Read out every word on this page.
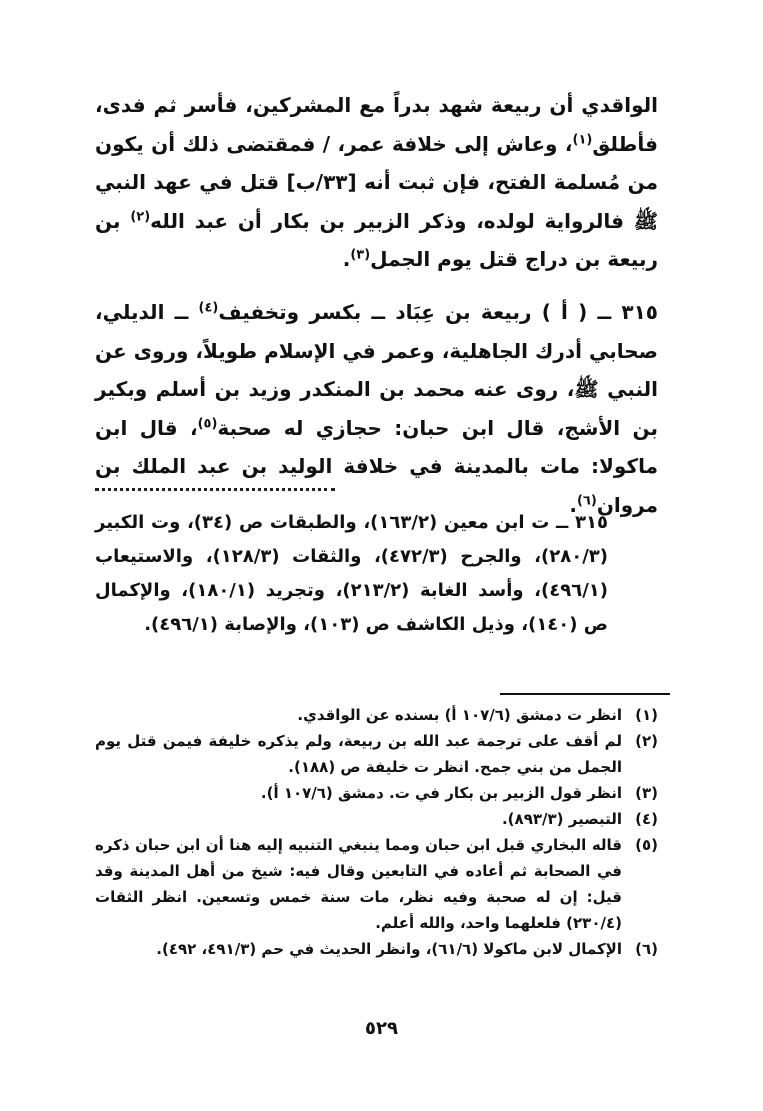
الواقدي أن ربيعة شهد بدراً مع المشركين، فأسر ثم فدى، فأطلق$^{(١)}$، وعاش إلى خلافة عمر، / فمقتضى ذلك أن يكون من مُسلمة الفتح، فإن ثبت أنه [٣٣/ب] قتل في عهد النبي ﷺ فالرواية لولده، وذكر الزبير بن بكار أن عبد الله$^{(٢)}$ بن ربيعة بن دراج قتل يوم الجمل$^{(٣)}$.

٣١٥ ــ ( أ ) ربيعة بن عِبَاد ــ بكسر وتخفيف$^{(٤)}$ ــ الديلي، صحابي أدرك الجاهلية، وعمر في الإسلام طويلاً، وروى عن النبي ﷺ، روى عنه محمد بن المنكدر وزيد بن أسلم وبكير بن الأشج، قال ابن حبان: حجازي له صحبة$^{(٥)}$، قال ابن ماكولا: مات بالمدينة في خلافة الوليد بن عبد الملك بن مروان$^{(٦)}$.

٣١٥ ــ ت ابن معين (١٦٣/٢)، والطبقات ص (٣٤)، وت الكبير (٢٨٠/٣)، والجرح (٤٧٢/٣)، والثقات (١٢٨/٣)، والاستيعاب (٤٩٦/١)، وأسد الغابة (٢١٣/٢)، وتجريد (١٨٠/١)، والإكمال ص (١٤٠)، وذيل الكاشف ص (١٠٣)، والإصابة (٤٩٦/١).

(١)
انظر ت دمشق (١٠٧/٦ أ) بسنده عن الواقدي.
(٢)
لم أقف على ترجمة عبد الله بن ربيعة، ولم يذكره خليفة فيمن قتل يوم الجمل من بني جمح. انظر ت خليفة ص (١٨٨).
(٣)
انظر قول الزبير بن بكار في ت. دمشق (١٠٧/٦ أ).
(٤)
التبصير (٨٩٣/٣).
(٥)
قاله البخاري قبل ابن حبان ومما ينبغي التنبيه إليه هنا أن ابن حبان ذكره في الصحابة ثم أعاده في التابعين وقال فيه: شيخ من أهل المدينة وقد قيل: إن له صحبة وفيه نظر، مات سنة خمس وتسعين. انظر الثقات (٢٣٠/٤) فلعلهما واحد، والله أعلم.
(٦)
الإكمال لابن ماكولا (٦١/٦)، وانظر الحديث في حم (٤٩١/٣، ٤٩٢).
٥٢٩
